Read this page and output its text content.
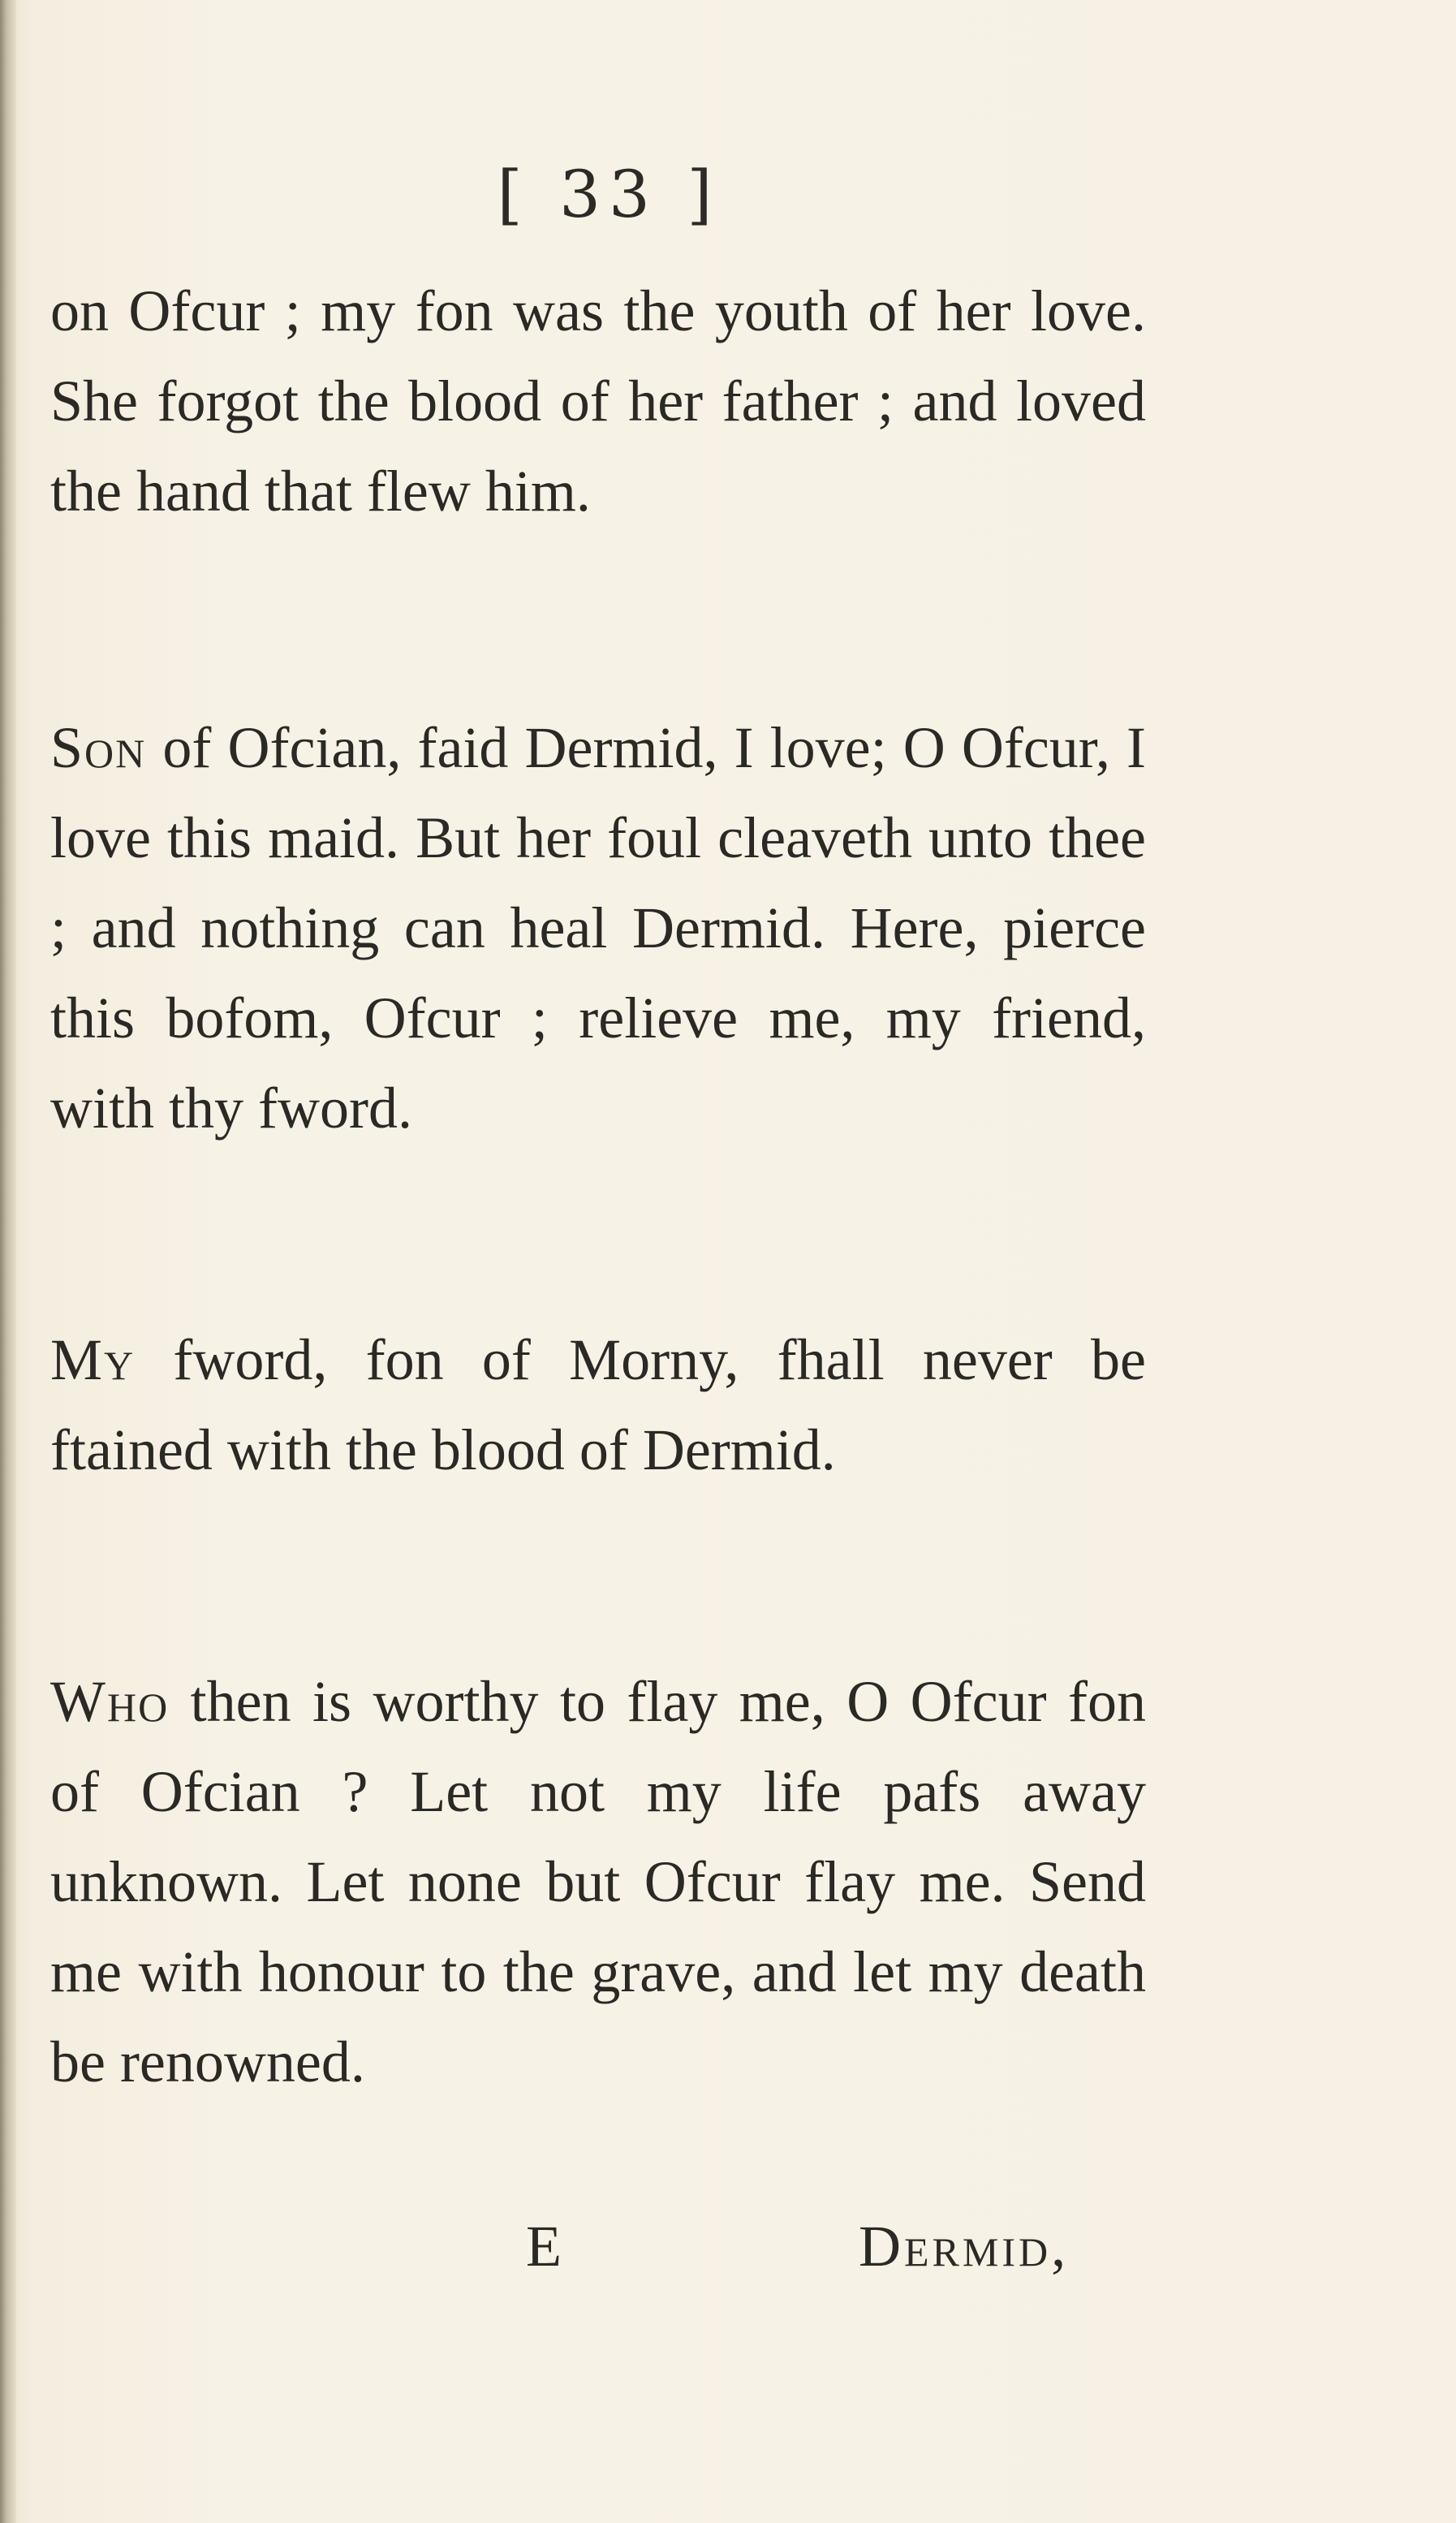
[ 33 ]
on Ofcur ; my fon was the youth of her love. She forgot the blood of her father ; and loved the hand that flew him.
Son of Ofcian, faid Dermid, I love; O Ofcur, I love this maid. But her foul cleaveth unto thee ; and nothing can heal Dermid. Here, pierce this bofom, Ofcur ; relieve me, my friend, with thy fword.
My fword, fon of Morny, fhall never be ftained with the blood of Dermid.
Who then is worthy to flay me, O Ofcur fon of Ofcian ? Let not my life pafs away unknown. Let none but Ofcur flay me. Send me with honour to the grave, and let my death be renowned.
E	Dermid,
